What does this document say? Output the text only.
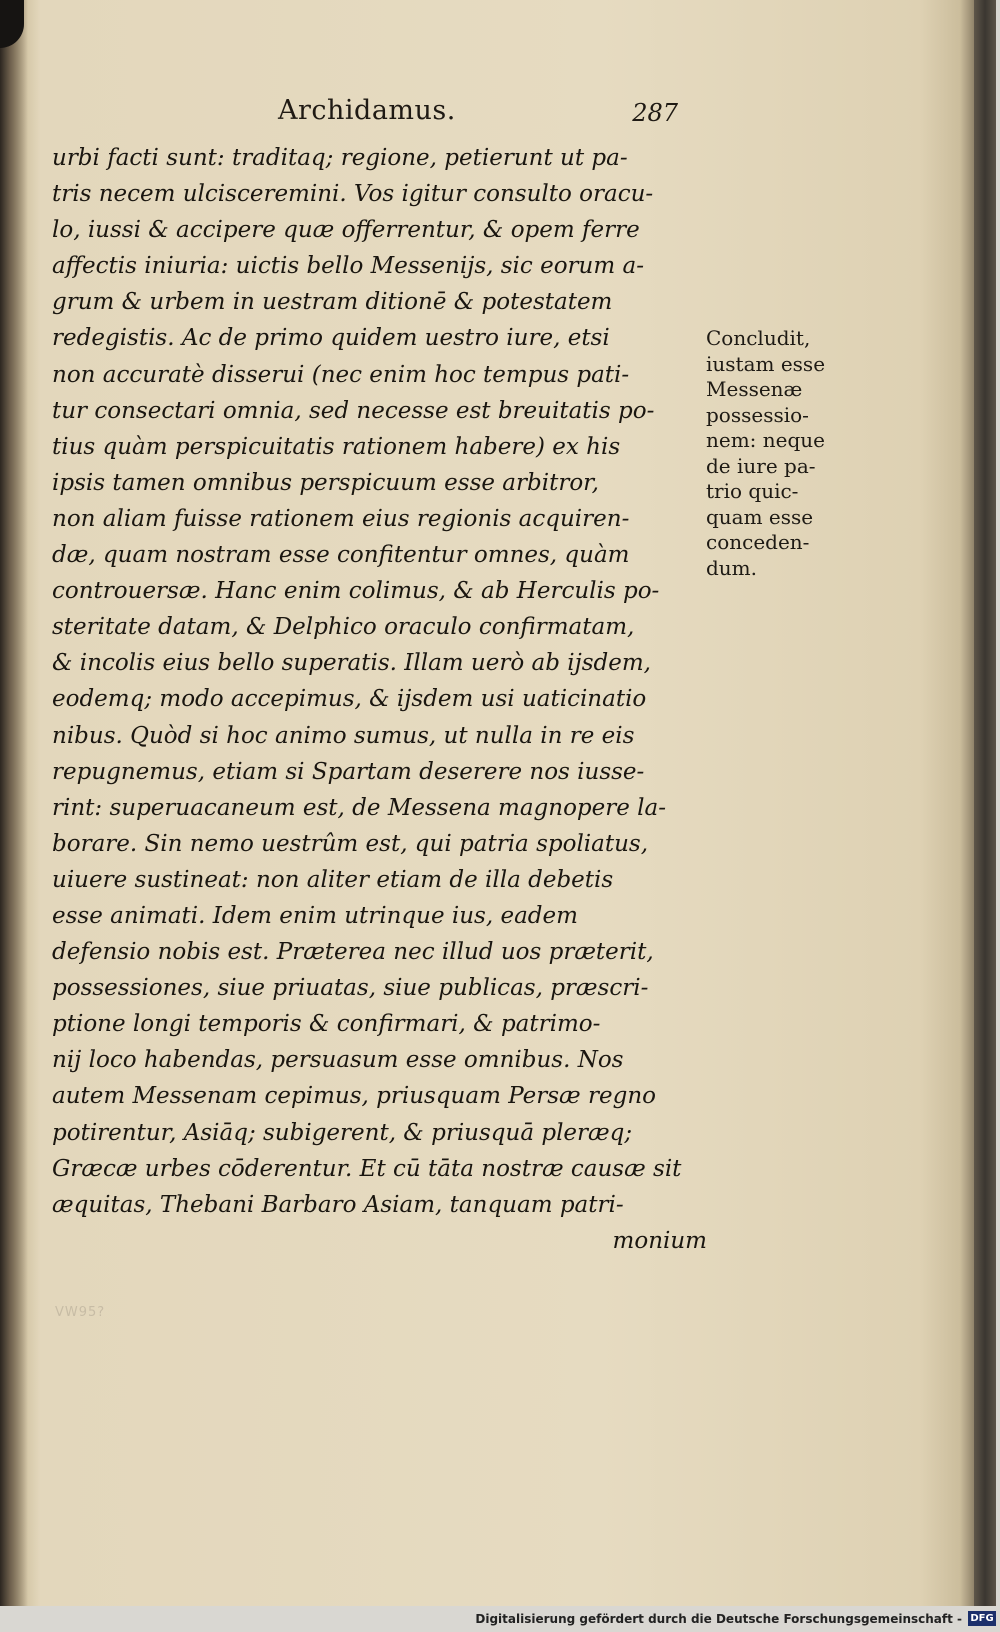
Archidamus.	287
urbi facti sunt: traditaq; regione, petierunt ut pa-
tris necem ulcisceremini. Vos igitur consulto oracu-
lo, iussi & accipere quæ offerrentur, & opem ferre
affectis iniuria: uictis bello Messenijs, sic eorum a-
grum & urbem in uestram ditionē & potestatem
redegistis. Ac de primo quidem uestro iure, etsi
non accuratè disserui (nec enim hoc tempus pati-
tur consectari omnia, sed necesse est breuitatis po-
tius quàm perspicuitatis rationem habere) ex his
ipsis tamen omnibus perspicuum esse arbitror,
non aliam fuisse rationem eius regionis acquiren-
dæ, quam nostram esse confitentur omnes, quàm
controuersæ. Hanc enim colimus, & ab Herculis po-
steritate datam, & Delphico oraculo confirmatam,
& incolis eius bello superatis. Illam uerò ab ijsdem,
eodemq; modo accepimus, & ijsdem usi uaticinatio
nibus. Quòd si hoc animo sumus, ut nulla in re eis
repugnemus, etiam si Spartam deserere nos iusse-
rint: superuacaneum est, de Messena magnopere la-
borare. Sin nemo uestrûm est, qui patria spoliatus,
uiuere sustineat: non aliter etiam de illa debetis
esse animati. Idem enim utrinque ius, eadem
defensio nobis est. Præterea nec illud uos præterit,
possessiones, siue priuatas, siue publicas, præscri-
ptione longi temporis & confirmari, & patrimo-
nij loco habendas, persuasum esse omnibus. Nos
autem Messenam cepimus, priusquam Persæ regno
potirentur, Asiāq; subigerent, & priusquā pleræq;
Græcæ urbes cōderentur. Et cū tāta nostræ causæ sit
æquitas, Thebani Barbaro Asiam, tanquam patri-
monium
Concludit,
iustam esse
Messenæ
possessio-
nem: neque
de iure pa-
trio quic-
quam esse
conceden-
dum.
VW95?
Digitalisierung gefördert durch die Deutsche Forschungsgemeinschaft - DFG
